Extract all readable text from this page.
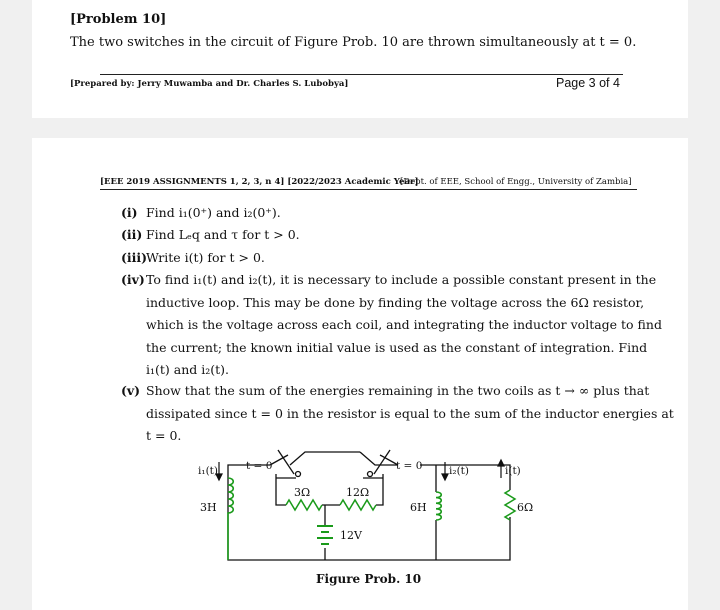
[Problem 10]
The two switches in the circuit of Figure Prob. 10 are thrown simultaneously at t = 0.
[Prepared by: Jerry Muwamba and Dr. Charles S. Lubobya]	Page 3 of 4
[EEE 2019 ASSIGNMENTS 1, 2, 3, n 4] [2022/2023 Academic Year]
[Dept. of EEE, School of Engg., University of Zambia]
(i) Find i₁(0⁺) and i₂(0⁺).
(ii) Find Lₑq and τ for t > 0.
(iii)
Write i(t) for t > 0.
(iv) To find i₁(t) and i₂(t), it is necessary to include a possible constant present in the
inductive loop. This may be done by finding the voltage across the 6Ω resistor,
which is the voltage across each coil, and integrating the inductor voltage to find
the current; the known initial value is used as the constant of integration. Find
i₁(t) and i₂(t).
(v) Show that the sum of the energies remaining in the two coils as t → ∞ plus that
dissipated since t = 0 in the resistor is equal to the sum of the inductor energies at
t = 0.
i₁(t)	i₂(t)	i(t)
t = 0	t = 0
3H	6H
3Ω	12Ω
6Ω
12V
Figure Prob. 10
